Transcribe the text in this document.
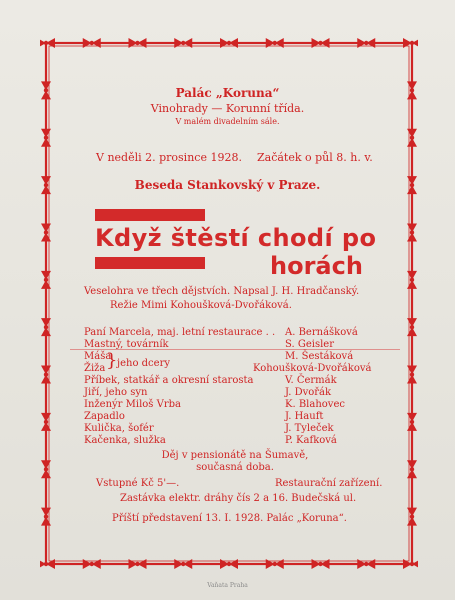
Palác „Koruna“
Vinohrady — Korunní třída.
V malém divadelním sále.
V neděli 2. prosince 1928. Začátek o půl 8. h. v.
Beseda Stankovský v Praze.
Když štěstí chodí po
horách
Veselohra ve třech dějstvích. Napsal J. H. Hradčanský.
Režie Mimi Kohoušková-Dvořáková.
Paní Marcela, maj. letní restaurace . . A. Bernášková
Mastný, továrník	S. Geisler
Máša	M. Šestáková
} jeho dcery
Žiža	Kohoušková-Dvořáková
Příbek, statkář a okresní starosta	V. Čermák
Jiří, jeho syn	J. Dvořák
Inženýr Miloš Vrba	K. Blahovec
Zapadlo	J. Hauft
Kulička, šofér	J. Tyleček
Kačenka, služka	P. Kafková
Děj v pensionátě na Šumavě,
současná doba.
Vstupné Kč 5'—.	Restaurační zařízení.
Zastávka elektr. dráhy čís 2 a 16. Budečská ul.
Příští představení 13. I. 1928. Palác „Koruna“.
Vaňata Praha
